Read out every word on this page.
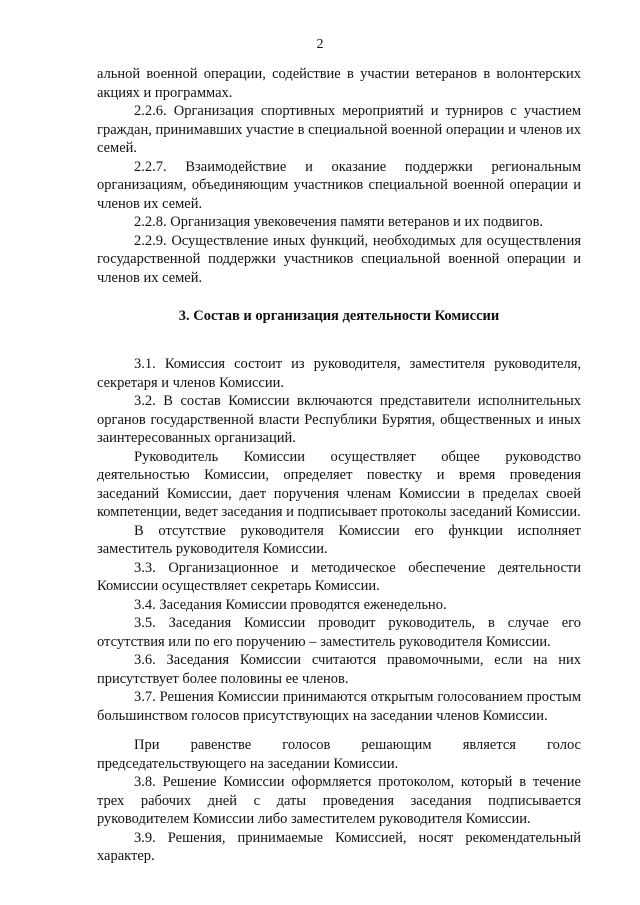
2

альной военной операции, содействие в участии ветеранов в волонтерских акциях и программах.

2.2.6. Организация спортивных мероприятий и турниров с участием граждан, принимавших участие в специальной военной операции и членов их семей.

2.2.7. Взаимодействие и оказание поддержки региональным организациям, объединяющим участников специальной военной операции и членов их семей.

2.2.8. Организация увековечения памяти ветеранов и их подвигов.

2.2.9. Осуществление иных функций, необходимых для осуществления государственной поддержки участников специальной военной операции и членов их семей.

3. Состав и организация деятельности Комиссии

3.1. Комиссия состоит из руководителя, заместителя руководителя, секретаря и членов Комиссии.

3.2. В состав Комиссии включаются представители исполнительных органов государственной власти Республики Бурятия, общественных и иных заинтересованных организаций.

Руководитель Комиссии осуществляет общее руководство деятельностью Комиссии, определяет повестку и время проведения заседаний Комиссии, дает поручения членам Комиссии в пределах своей компетенции, ведет заседания и подписывает протоколы заседаний Комиссии.

В отсутствие руководителя Комиссии его функции исполняет заместитель руководителя Комиссии.

3.3. Организационное и методическое обеспечение деятельности Комиссии осуществляет секретарь Комиссии.

3.4. Заседания Комиссии проводятся еженедельно.

3.5. Заседания Комиссии проводит руководитель, в случае его отсутствия или по его поручению – заместитель руководителя Комиссии.

3.6. Заседания Комиссии считаются правомочными, если на них присутствует более половины ее членов.

3.7. Решения Комиссии принимаются открытым голосованием простым большинством голосов присутствующих на заседании членов Комиссии.

При равенстве голосов решающим является голос председательствующего на заседании Комиссии.

3.8. Решение Комиссии оформляется протоколом, который в течение трех рабочих дней с даты проведения заседания подписывается руководителем Комиссии либо заместителем руководителя Комиссии.

3.9. Решения, принимаемые Комиссией, носят рекомендательный характер.
